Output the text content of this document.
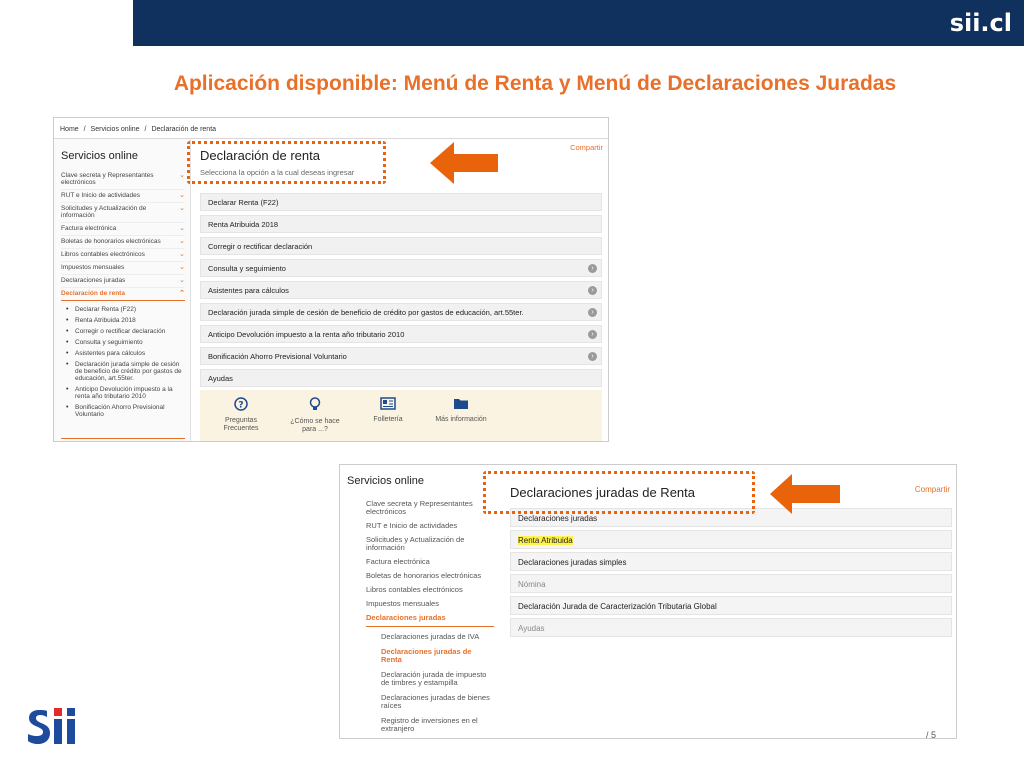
sii.cl
Aplicación disponible: Menú de Renta y Menú de Declaraciones Juradas
Home / Servicios online / Declaración de renta
Servicios online
Clave secreta y Representantes electrónicos
⌄
RUT e Inicio de actividades	⌄
Solicitudes y Actualización de información
⌄
Factura electrónica	⌄
Boletas de honorarios electrónicas	⌄
Libros contables electrónicos	⌄
Impuestos mensuales	⌄
Declaraciones juradas	⌄
Declaración de renta	⌃
• Declarar Renta (F22)
• Renta Atribuida 2018
• Corregir o rectificar declaración
• Consulta y seguimiento
• Asistentes para cálculos
• Declaración jurada simple de cesión de beneficio de crédito por gastos de educación, art.55ter.
• Anticipo Devolución impuesto a la renta año tributario 2010
• Bonificación Ahorro Previsional Voluntario
Declaración de renta
Selecciona la opción a la cual deseas ingresar
Compartir
Declarar Renta (F22)
Renta Atribuida 2018
Corregir o rectificar declaración
Consulta y seguimiento	›
Asistentes para cálculos	›
Declaración jurada simple de cesión de beneficio de crédito por gastos de educación, art.55ter.	›
Anticipo Devolución impuesto a la renta año tributario 2010	›
Bonificación Ahorro Previsional Voluntario	›
Ayudas
?
Preguntas
Frecuentes
¿Cómo se hace
para ...?
Folletería	Más información
Servicios online
Clave secreta y Representantes electrónicos
RUT e Inicio de actividades
Solicitudes y Actualización de información
Factura electrónica
Boletas de honorarios electrónicas
Libros contables electrónicos
Impuestos mensuales
Declaraciones juradas
Declaraciones juradas de IVA
Declaraciones juradas de Renta
Declaración jurada de impuesto de timbres y estampilla
Declaraciones juradas de bienes raíces
Registro de inversiones en el extranjero
Declaraciones juradas de Renta	Compartir
Declaraciones juradas
Renta Atribuida
Declaraciones juradas simples
Nómina
Declaración Jurada de Caracterización Tributaria Global
Ayudas
/ 5
